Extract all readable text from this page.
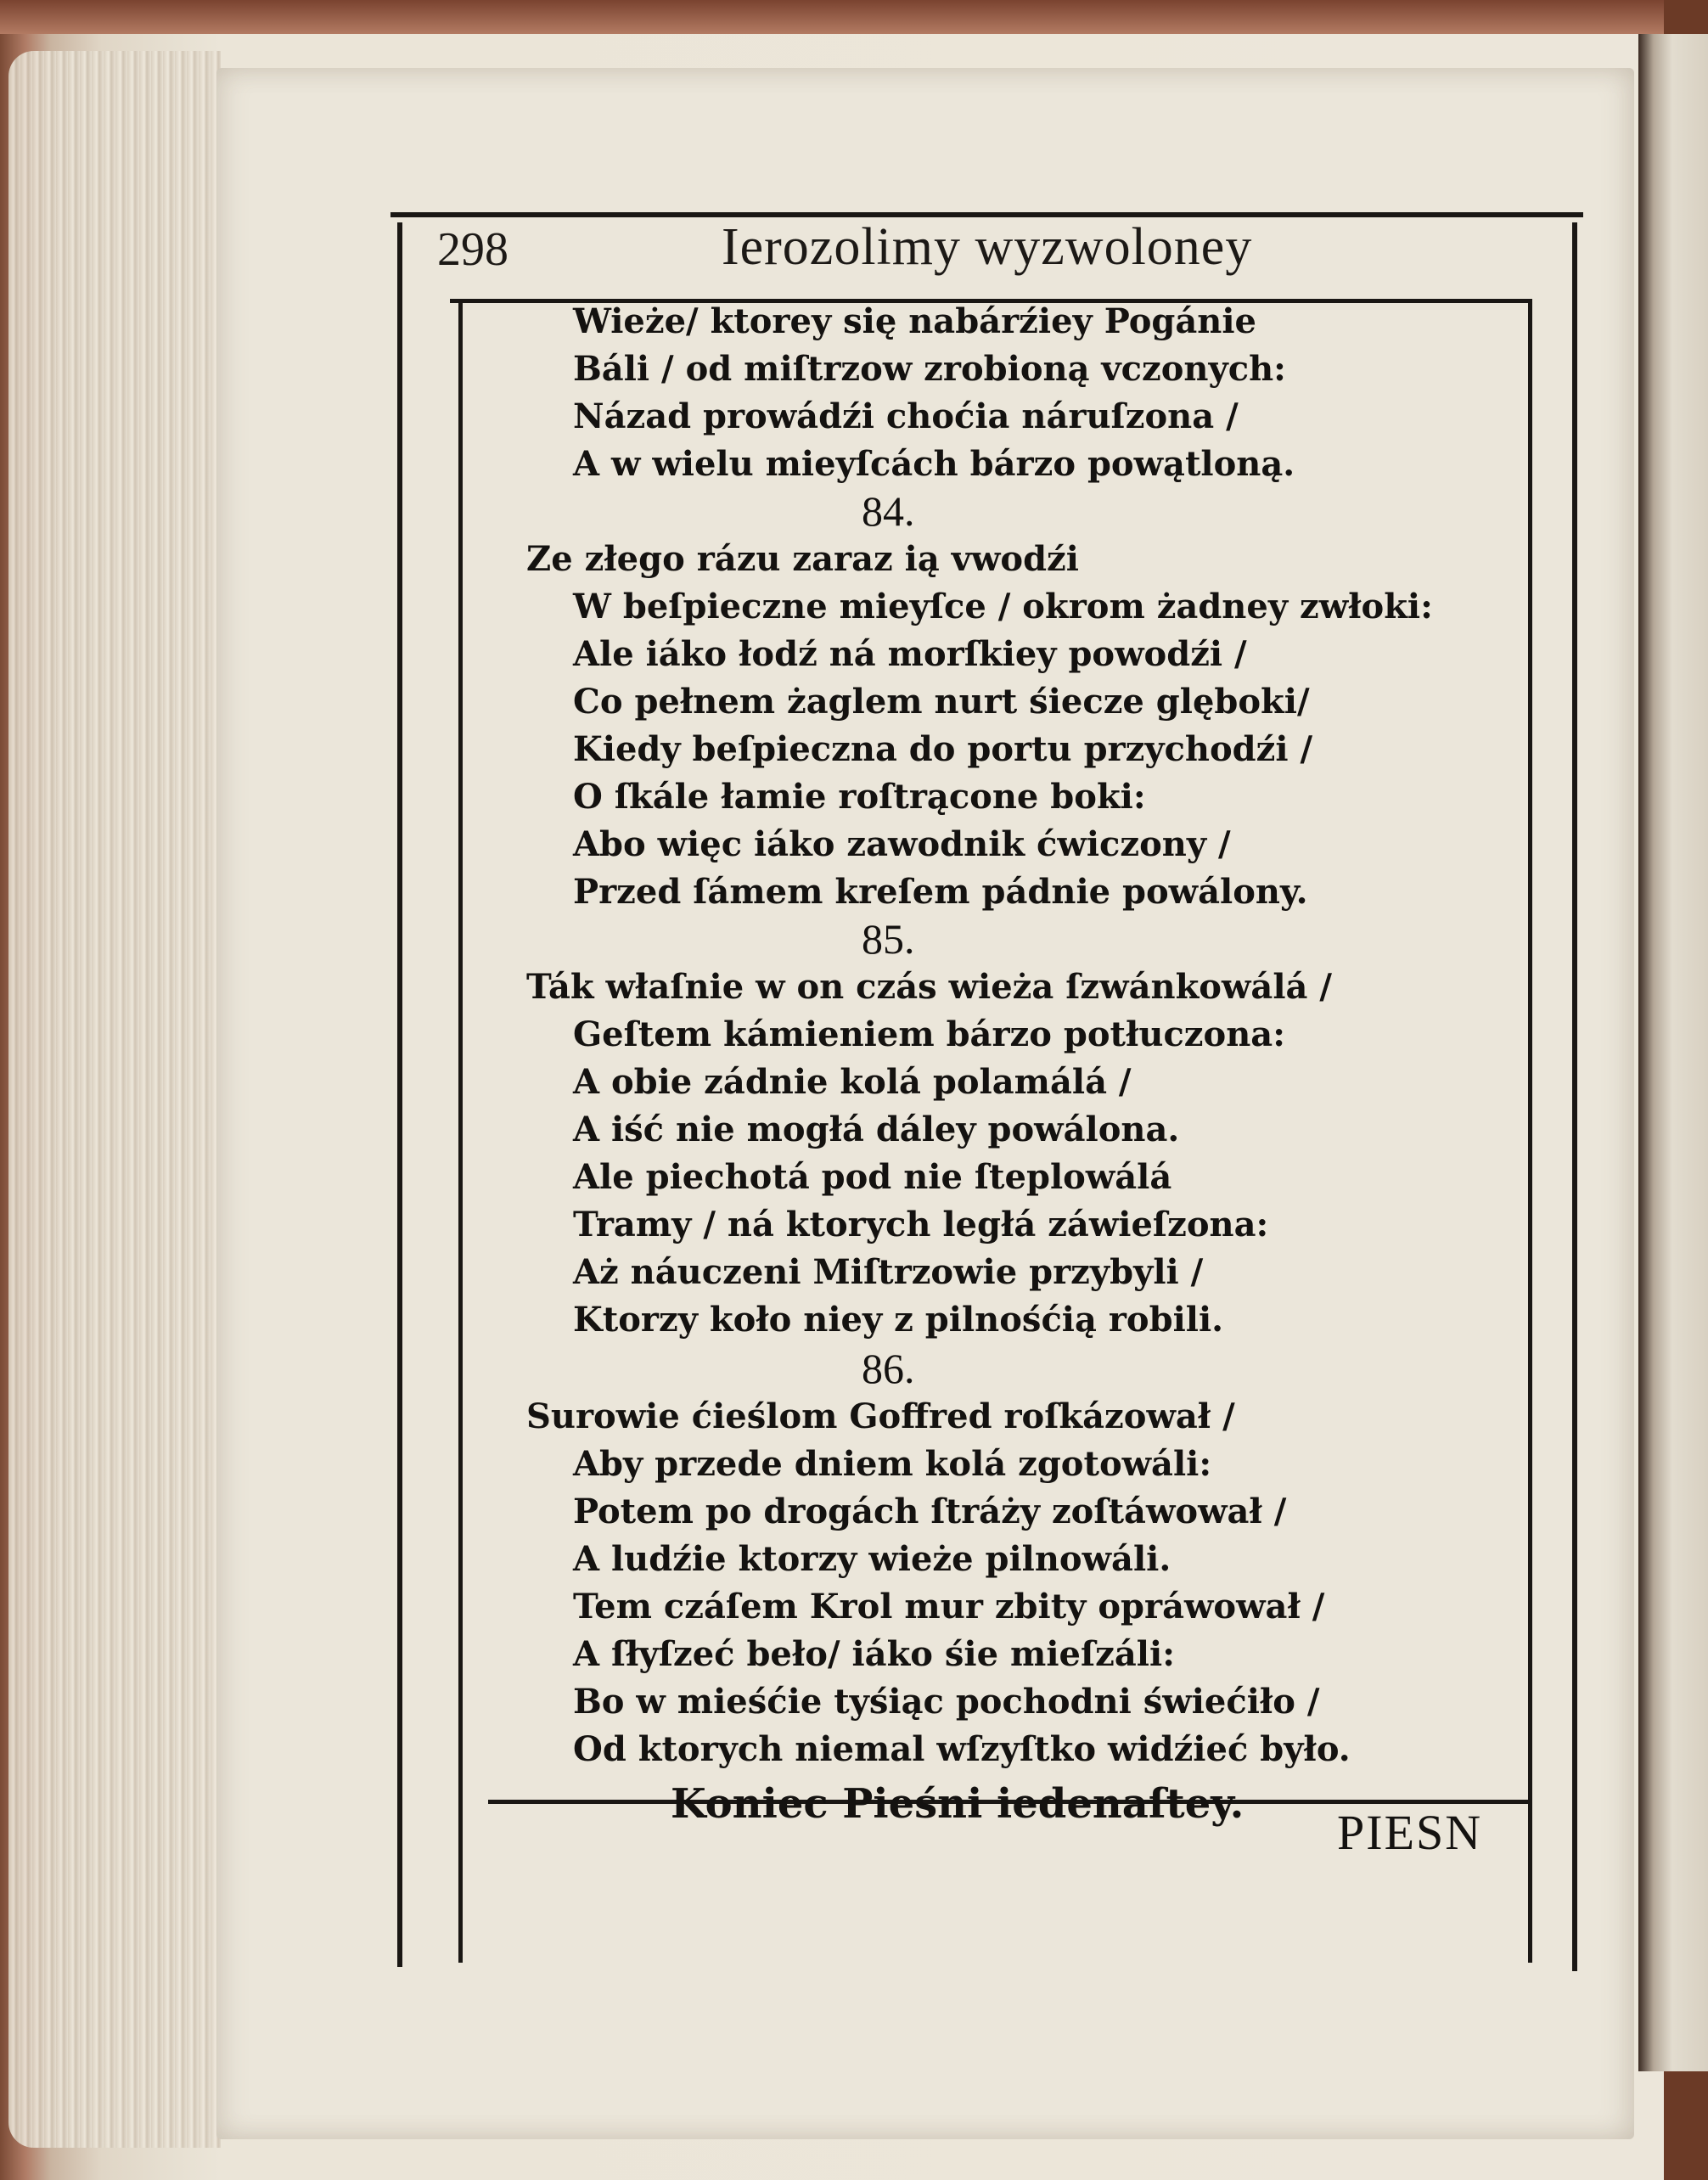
298	Ierozolimy wyzwoloney
Wieże/ ktorey się nabárźiey Pogánie
Báli / od miſtrzow zrobioną vczonych:
Názad prowádźi choćia náruſzona /
A w wielu mieyſcách bárzo powątloną.
84.
Ze złego rázu zaraz ią vwodźi
W beſpieczne mieyſce / okrom żadney zwłoki:
Ale iáko łodź ná morſkiey powodźi /
Co pełnem żaglem nurt śiecze glęboki/
Kiedy beſpieczna do portu przychodźi /
O ſkále łamie roſtrącone boki:
Abo więc iáko zawodnik ćwiczony /
Przed ſámem kreſem pádnie powálony.
85.
Ták właſnie w on czás wieża ſzwánkowálá /
Geſtem kámieniem bárzo potłuczona:
A obie zádnie kolá polamálá /
A iść nie mogłá dáley powálona.
Ale piechotá pod nie ſteplowálá
Tramy / ná ktorych ległá záwieſzona:
Aż náuczeni Miſtrzowie przybyli /
Ktorzy koło niey z pilnośćią robili.
86.
Surowie ćieślom Goffred roſkázował /
Aby przede dniem kolá zgotowáli:
Potem po drogách ſtráży zoſtáwował /
A ludźie ktorzy wieże pilnowáli.
Tem czáſem Krol mur zbity opráwował /
A ſłyſzeć beło/ iáko śie mieſzáli:
Bo w mieśćie tyśiąc pochodni świećiło /
Od ktorych niemal wſzyſtko widźieć było.
Koniec Pieśni iedenaſtey.
PIESN
